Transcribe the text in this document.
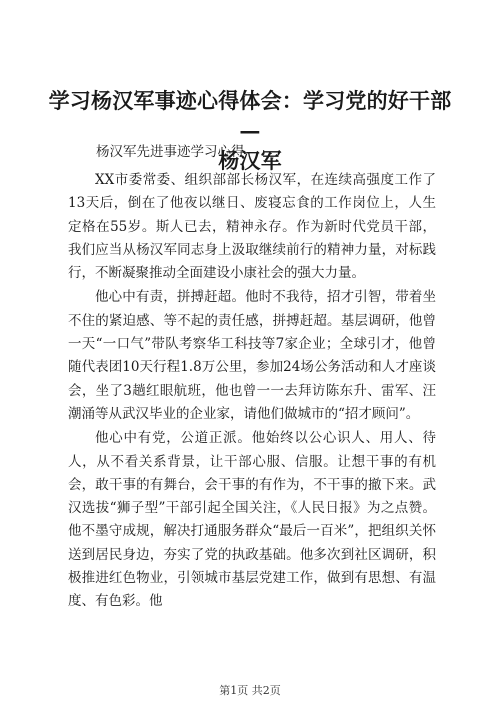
学习杨汉军事迹心得体会：学习党的好干部—
杨汉军
杨汉军先进事迹学习心得

XX市委常委、组织部部长杨汉军，在连续高强度工作了13天后，倒在了他夜以继日、废寝忘食的工作岗位上，人生定格在55岁。斯人已去，精神永存。作为新时代党员干部，我们应当从杨汉军同志身上汲取继续前行的精神力量，对标践行，不断凝聚推动全面建设小康社会的强大力量。

他心中有责，拼搏赶超。他时不我待，招才引智，带着坐不住的紧迫感、等不起的责任感，拼搏赶超。基层调研，他曾一天“一口气”带队考察华工科技等7家企业；全球引才，他曾随代表团10天行程1.8万公里，参加24场公务活动和人才座谈会，坐了3趟红眼航班，他也曾一一去拜访陈东升、雷军、汪潮涌等从武汉毕业的企业家，请他们做城市的“招才顾问”。

他心中有党，公道正派。他始终以公心识人、用人、待人，从不看关系背景，让干部心服、信服。让想干事的有机会，敢干事的有舞台，会干事的有作为，不干事的撤下来。武汉选拔“狮子型”干部引起全国关注，《人民日报》为之点赞。他不墨守成规，解决打通服务群众“最后一百米”，把组织关怀送到居民身边，夯实了党的执政基础。他多次到社区调研，积极推进红色物业，引领城市基层党建工作，做到有思想、有温度、有色彩。他

第1页 共2页
